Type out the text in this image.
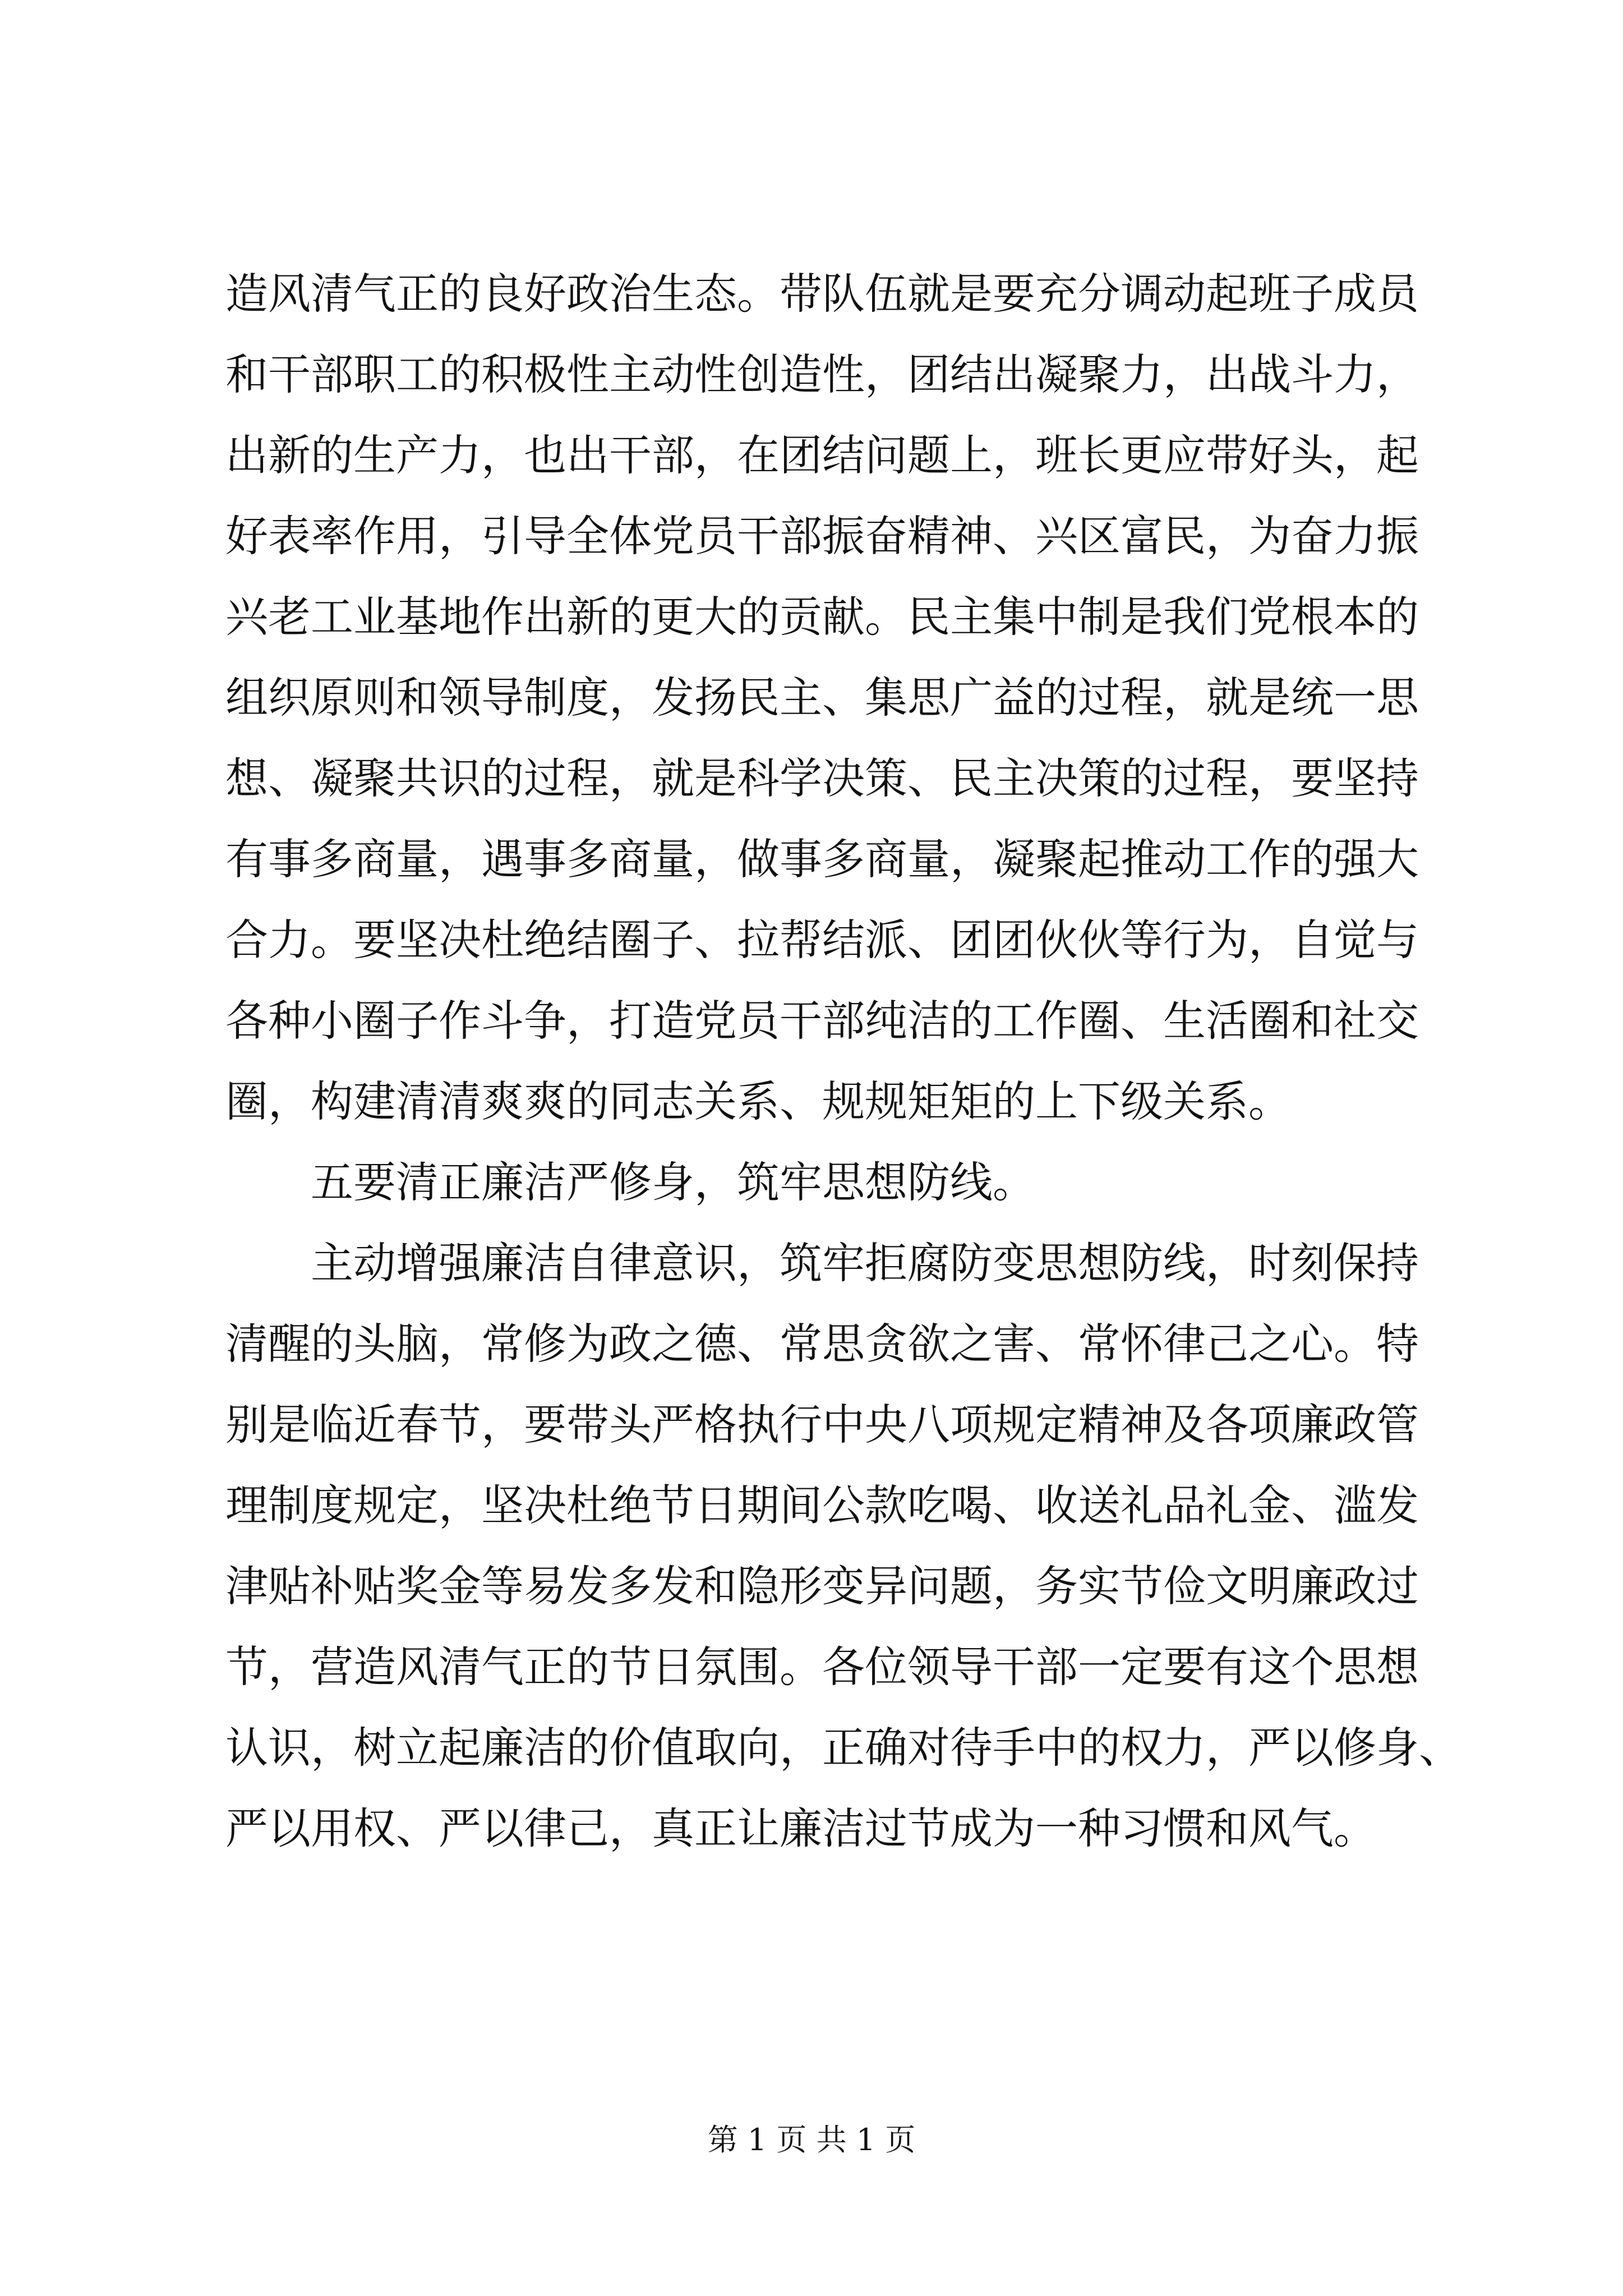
造风清气正的良好政治生态。带队伍就是要充分调动起班子成员
和干部职工的积极性主动性创造性，团结出凝聚力，出战斗力，
出新的生产力，也出干部，在团结问题上，班长更应带好头，起
好表率作用，引导全体党员干部振奋精神、兴区富民，为奋力振
兴老工业基地作出新的更大的贡献。民主集中制是我们党根本的
组织原则和领导制度，发扬民主、集思广益的过程，就是统一思
想、凝聚共识的过程，就是科学决策、民主决策的过程，要坚持
有事多商量，遇事多商量，做事多商量，凝聚起推动工作的强大
合力。要坚决杜绝结圈子、拉帮结派、团团伙伙等行为，自觉与
各种小圈子作斗争，打造党员干部纯洁的工作圈、生活圈和社交
圈，构建清清爽爽的同志关系、规规矩矩的上下级关系。
五要清正廉洁严修身，筑牢思想防线。
主动增强廉洁自律意识，筑牢拒腐防变思想防线，时刻保持
清醒的头脑，常修为政之德、常思贪欲之害、常怀律己之心。特
别是临近春节，要带头严格执行中央八项规定精神及各项廉政管
理制度规定，坚决杜绝节日期间公款吃喝、收送礼品礼金、滥发
津贴补贴奖金等易发多发和隐形变异问题，务实节俭文明廉政过
节，营造风清气正的节日氛围。各位领导干部一定要有这个思想
认识，树立起廉洁的价值取向，正确对待手中的权力，严以修身、
严以用权、严以律己，真正让廉洁过节成为一种习惯和风气。
第 1 页 共 1 页
